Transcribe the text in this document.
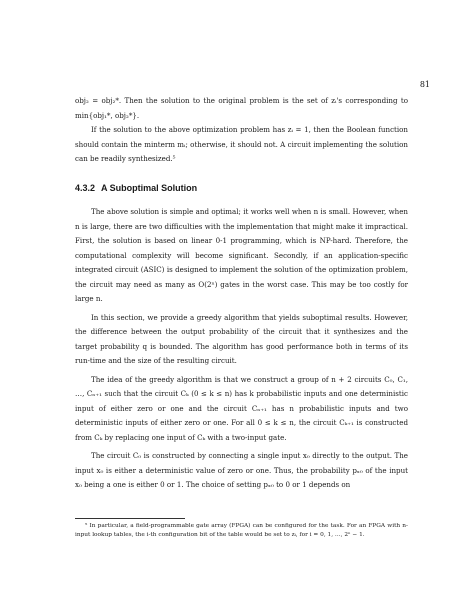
81

obj₂ = obj₂*. Then the solution to the original problem is the set of zᵢ's corresponding to min{obj₁*, obj₂*}.

If the solution to the above optimization problem has zᵢ = 1, then the Boolean function should contain the minterm mᵢ; otherwise, it should not. A circuit implementing the solution can be readily synthesized.⁵

4.3.2 A Suboptimal Solution

The above solution is simple and optimal; it works well when n is small. However, when n is large, there are two difficulties with the implementation that might make it impractical. First, the solution is based on linear 0-1 programming, which is NP-hard. Therefore, the computational complexity will become significant. Secondly, if an application-specific integrated circuit (ASIC) is designed to implement the solution of the optimization problem, the circuit may need as many as O(2ⁿ) gates in the worst case. This may be too costly for large n.

In this section, we provide a greedy algorithm that yields suboptimal results. However, the difference between the output probability of the circuit that it synthesizes and the target probability q is bounded. The algorithm has good performance both in terms of its run-time and the size of the resulting circuit.

The idea of the greedy algorithm is that we construct a group of n + 2 circuits C₀, C₁, …, Cₙ₊₁ such that the circuit Cₖ (0 ≤ k ≤ n) has k probabilistic inputs and one deterministic input of either zero or one and the circuit Cₙ₊₁ has n probabilistic inputs and two deterministic inputs of either zero or one. For all 0 ≤ k ≤ n, the circuit Cₖ₊₁ is constructed from Cₖ by replacing one input of Cₖ with a two-input gate.

The circuit C₀ is constructed by connecting a single input x₀ directly to the output. The input x₀ is either a deterministic value of zero or one. Thus, the probability pₓ₀ of the input x₀ being a one is either 0 or 1. The choice of setting pₓ₀ to 0 or 1 depends on

⁵ In particular, a field-programmable gate array (FPGA) can be configured for the task. For an FPGA with n-input lookup tables, the i-th configuration bit of the table would be set to zᵢ, for i = 0, 1, …, 2ⁿ − 1.
